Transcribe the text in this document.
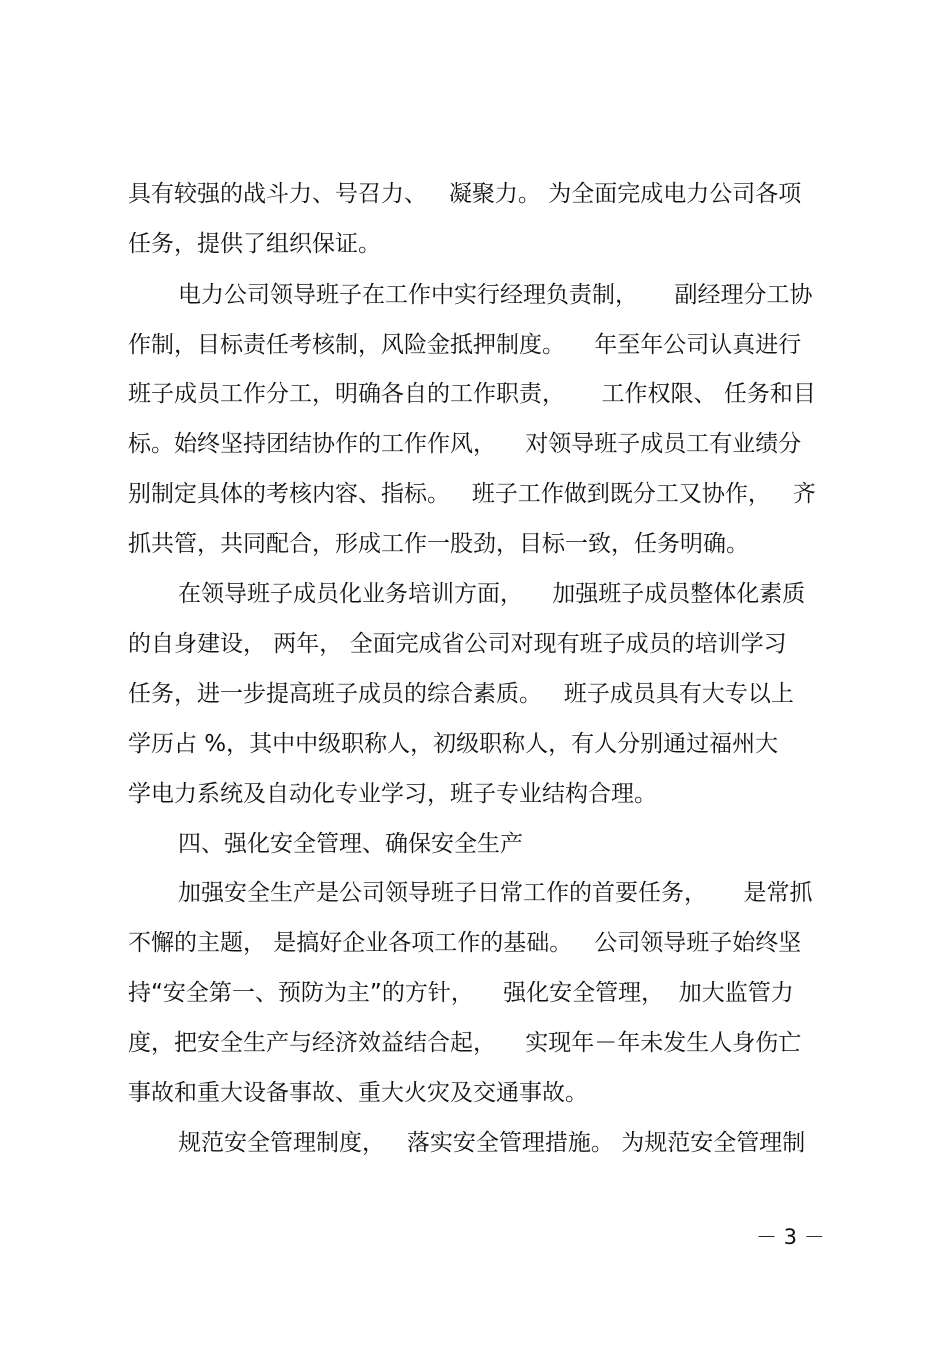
具有较强的战斗力、号召力、   凝聚力。 为全面完成电力公司各项
任务，提供了组织保证。
电力公司领导班子在工作中实行经理负责制，     副经理分工协
作制，目标责任考核制，风险金抵押制度。    年至年公司认真进行
班子成员工作分工，明确各自的工作职责，     工作权限、 任务和目
标。始终坚持团结协作的工作作风，    对领导班子成员工有业绩分
别制定具体的考核内容、指标。   班子工作做到既分工又协作，   齐
抓共管，共同配合，形成工作一股劲，目标一致，任务明确。
在领导班子成员化业务培训方面，    加强班子成员整体化素质
的自身建设， 两年， 全面完成省公司对现有班子成员的培训学习
任务，进一步提高班子成员的综合素质。   班子成员具有大专以上
学历占 %，其中中级职称人，初级职称人，有人分别通过福州大
学电力系统及自动化专业学习，班子专业结构合理。
四、强化安全管理、确保安全生产
加强安全生产是公司领导班子日常工作的首要任务，     是常抓
不懈的主题， 是搞好企业各项工作的基础。   公司领导班子始终坚
持“安全第一、预防为主”的方针，    强化安全管理，  加大监管力
度，把安全生产与经济效益结合起，    实现年－年未发生人身伤亡
事故和重大设备事故、重大火灾及交通事故。
规范安全管理制度，   落实安全管理措施。 为规范安全管理制
－ 3 －
